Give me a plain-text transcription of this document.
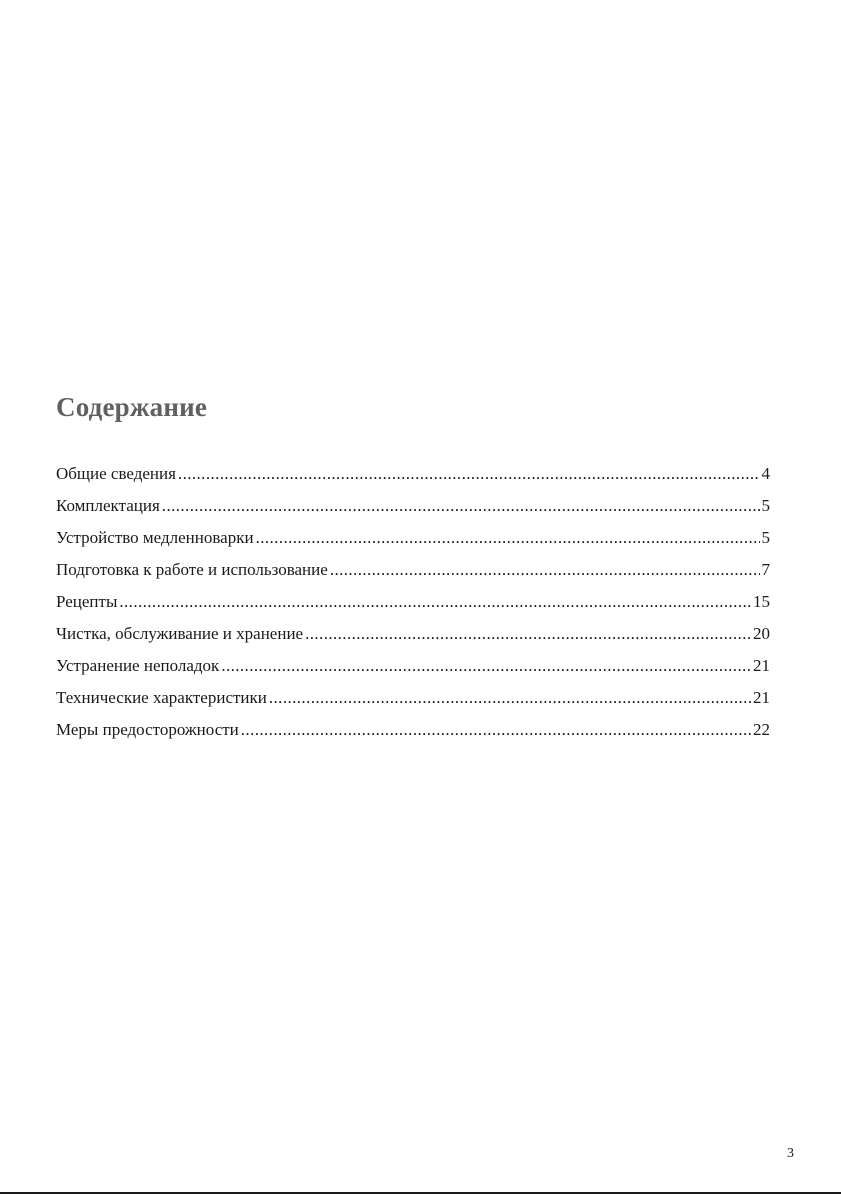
Содержание
Общие сведения .....	4
Комплектация .....	5
Устройство медленноварки .....	5
Подготовка к работе и использование .....	7
Рецепты .....	15
Чистка, обслуживание и хранение .....	20
Устранение неполадок .....	21
Технические характеристики .....	21
Меры предосторожности .....	22
3
